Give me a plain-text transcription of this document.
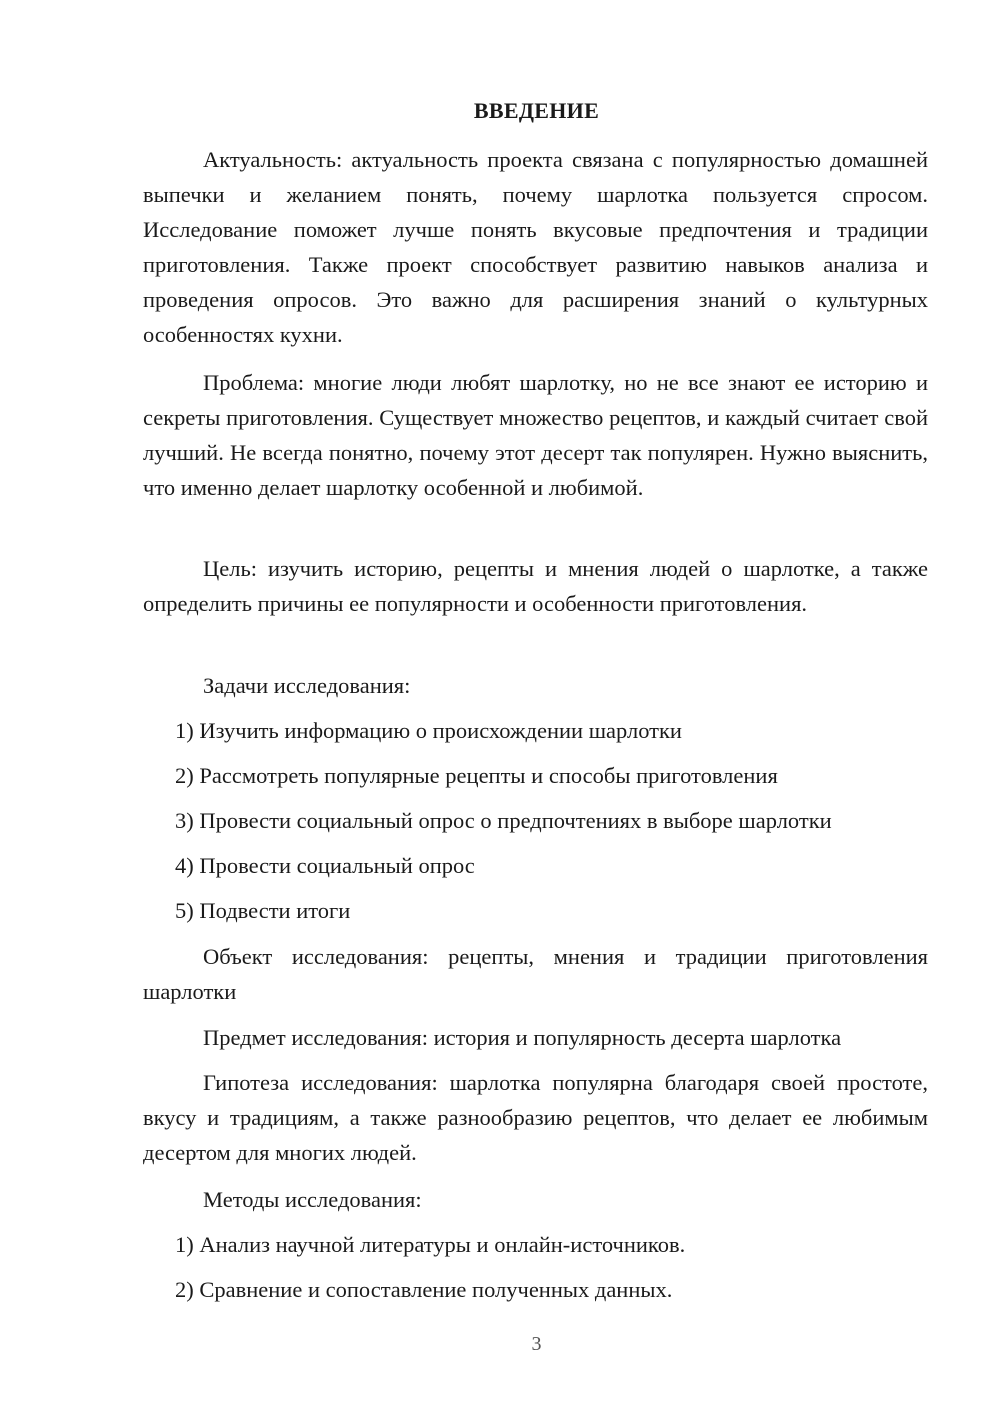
ВВЕДЕНИЕ

Актуальность: актуальность проекта связана с популярностью домашней выпечки и желанием понять, почему шарлотка пользуется спросом. Исследование поможет лучше понять вкусовые предпочтения и традиции приготовления. Также проект способствует развитию навыков анализа и проведения опросов. Это важно для расширения знаний о культурных особенностях кухни.

Проблема: многие люди любят шарлотку, но не все знают ее историю и секреты приготовления. Существует множество рецептов, и каждый считает свой лучший. Не всегда понятно, почему этот десерт так популярен. Нужно выяснить, что именно делает шарлотку особенной и любимой.

Цель: изучить историю, рецепты и мнения людей о шарлотке, а также определить причины ее популярности и особенности приготовления.

Задачи исследования:

1) Изучить информацию о происхождении шарлотки

2) Рассмотреть популярные рецепты и способы приготовления

3) Провести социальный опрос о предпочтениях в выборе шарлотки

4) Провести социальный опрос

5) Подвести итоги

Объект исследования: рецепты, мнения и традиции приготовления шарлотки

Предмет исследования: история и популярность десерта шарлотка

Гипотеза исследования: шарлотка популярна благодаря своей простоте, вкусу и традициям, а также разнообразию рецептов, что делает ее любимым десертом для многих людей.

Методы исследования:

1) Анализ научной литературы и онлайн-источников.

2) Сравнение и сопоставление полученных данных.

3
